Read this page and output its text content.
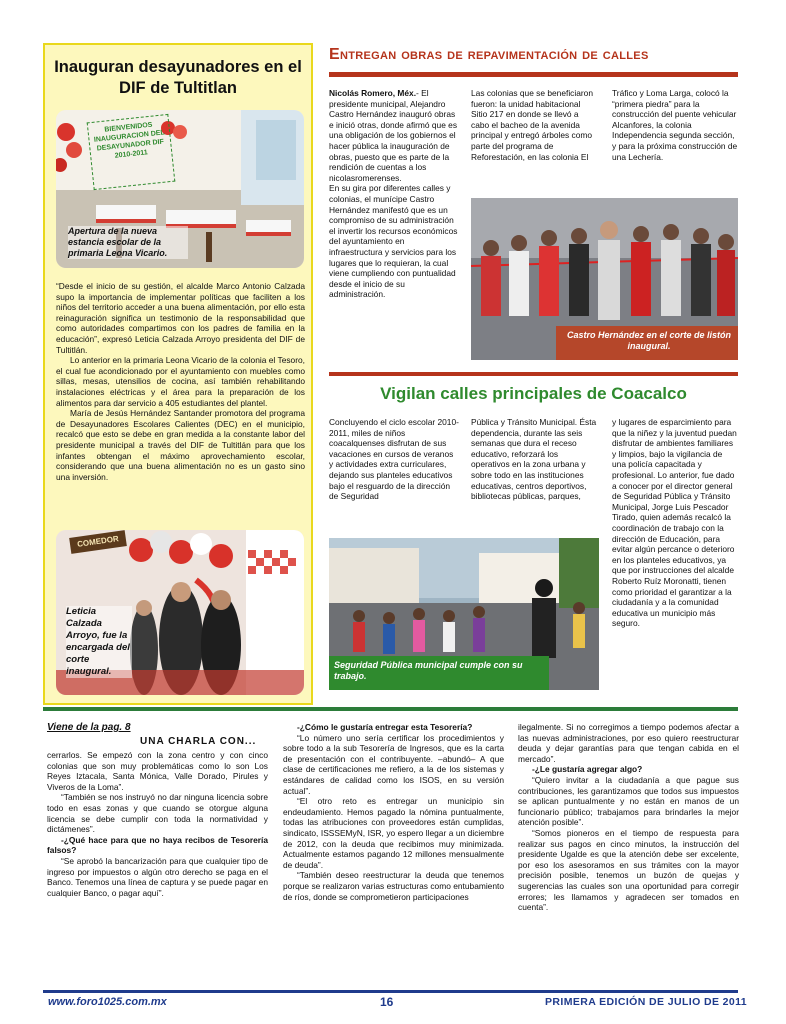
Inauguran desayunadores en el DIF de Tultitlan
BIENVENIDOS INAUGURACION DEL DESAYUNADOR DIF 2010-2011
Apertura de la nueva estancia escolar de la primaria Leona Vicario.

“Desde el inicio de su gestión, el alcalde Marco Antonio Calzada supo la importancia de implementar políticas que faciliten a los niños del territorio acceder a una buena alimentación, por ello esta reinaguración significa un testimonio de la responsabilidad que como autoridades compartimos con los padres de familia en la educación”, expresó Leticia Calzada Arroyo presidenta del DIF de Tultitlán.

Lo anterior en la primaria Leona Vicario de la colonia el Tesoro, el cual fue acondicionado por el ayuntamiento con muebles como sillas, mesas, utensilios de cocina, así también rehabilitando instalaciones eléctricas y el área para la preparación de los alimentos para dar servicio a 405 estudiantes del plantel.

María de Jesús Hernández Santander promotora del programa de Desayunadores Escolares Calientes (DEC) en el municipio, recalcó que esto se debe en gran medida a la constante labor del presidente municipal a través del DIF de Tultitlán para que los infantes obtengan el máximo aprovechamiento escolar, considerando que una buena alimentación no es un gasto sino una inversión.

COMEDOR
Leticia Calzada Arroyo, fue la encargada del corte inaugural.
Entregan obras de repavimentación de calles

Nicolás Romero, Méx.- El presidente municipal, Alejandro Castro Hernández inauguró obras e inició otras, donde afirmó que es una obligación de los gobiernos el hacer pública la inauguración de obras, puesto que es parte de la rendición de cuentas a los nicolasromerenses.

En su gira por diferentes calles y colonias, el munícipe Castro Hernández manifestó que es un compromiso de su administración el invertir los recursos económicos del ayuntamiento en infraestructura y servicios para los lugares que lo requieran, la cual viene cumpliendo con puntualidad desde el inicio de su administración.

Las colonias que se beneficiaron fueron: la unidad habitacional Sitio 217 en donde se llevó a cabo el bacheo de la avenida principal y entregó árboles como parte del programa de Reforestación, en las colonia El

Tráfico y Loma Larga, colocó la “primera piedra” para la construcción del puente vehicular Alcanfores, la colonia Independencia segunda sección, y para la próxima construcción de una Lechería.

Castro Hernández en el corte de listón inaugural.
Vigilan calles principales de Coacalco

Concluyendo el ciclo escolar 2010-2011, miles de niños coacalquenses disfrutan de sus vacaciones en cursos de veranos y actividades extra curriculares, dejando sus planteles educativos bajo el resguardo de la dirección de Seguridad

Pública y Tránsito Municipal. Ésta dependencia, durante las seis semanas que dura el receso educativo, reforzará los operativos en la zona urbana y sobre todo en las instituciones educativas, centros deportivos, bibliotecas públicas, parques,

y lugares de esparcimiento para que la niñez y la juventud puedan disfrutar de ambientes familiares y limpios, bajo la vigilancia de una policía capacitada y profesional. Lo anterior, fue dado a conocer por el director general de Seguridad Pública y Tránsito Municipal, Jorge Luis Pescador Tirado, quien además recalcó la coordinación de trabajo con la dirección de Educación, para evitar algún percance o deterioro en los planteles educativos, ya que por instrucciones del alcalde Roberto Ruíz Moronatti, tienen como prioridad el garantizar a la ciudadanía y a la comunidad educativa un municipio más seguro.

Seguridad Pública municipal cumple con su trabajo.
Viene de la pag. 8
UNA CHARLA CON...

cerrarlos. Se empezó con la zona centro y con cinco colonias que son muy problemáticas como lo son Los Reyes Iztacala, Santa Mónica, Valle Dorado, Pirules y Viveros de la Loma”.

“También se nos instruyó no dar ninguna licencia sobre todo en esas zonas y que cuando se otorgue alguna licencia se debe cumplir con toda la normatividad y dictámenes”.

-¿Qué hace para que no haya recibos de Tesorería falsos?

“Se aprobó la bancarización para que cualquier tipo de ingreso por impuestos o algún otro derecho se paga en el Banco. Tenemos una línea de captura y se puede pagar en cualquier Banco, o pagar aquí”.

-¿Cómo le gustaría entregar esta Tesorería?

“Lo número uno sería certificar los procedimientos y sobre todo a la sub Tesorería de Ingresos, que es la carta de presentación con el contribuyente. –abundó– A que clase de certificaciones me refiero, a la de los sistemas y estándares de calidad como los ISOS, en su versión actual”.

“El otro reto es entregar un municipio sin endeudamiento. Hemos pagado la nómina puntualmente, todas las atribuciones con proveedores están cumplidas, sindicato, ISSSEMyN, ISR, yo espero llegar a un diciembre de 2012, con la deuda que recibimos muy minimizada. Actualmente estamos pagando 12 millones mensualmente de deuda”.

“También deseo reestructurar la deuda que tenemos porque se realizaron varias estructuras como entubamiento de ríos, donde se comprometieron participaciones

ilegalmente. Si no corregimos a tiempo podemos afectar a las nuevas administraciones, por eso quiero reestructurar deuda y dejar garantías para que tengan cabida en el mercado”.

-¿Le gustaría agregar algo?

“Quiero invitar a la ciudadanía a que pague sus contribuciones, les garantizamos que todos sus impuestos se aplican puntualmente y no están en manos de un funcionario público; trabajamos para brindarles la mejor atención posible”.

“Somos pioneros en el tiempo de respuesta para realizar sus pagos en cinco minutos, la instrucción del presidente Ugalde es que la atención debe ser excelente, por eso los asesoramos en sus trámites con la mayor precisión posible, tenemos un buzón de quejas y sugerencias las cuales son una oportunidad para corregir errores; les llamamos y agradecen ser tomados en cuenta”.

www.foro1025.com.mx	16	PRIMERA EDICIÓN DE JULIO DE 2011
